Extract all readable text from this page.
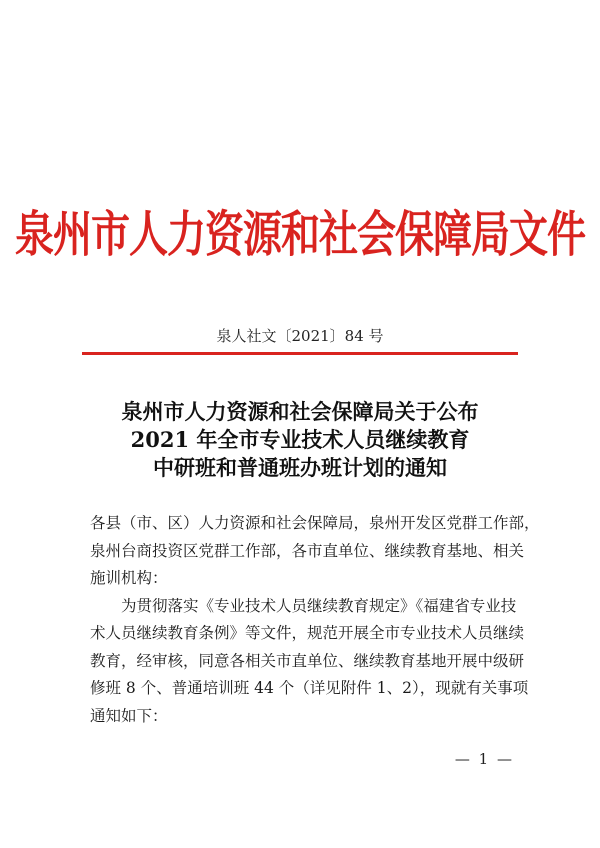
泉州市人力资源和社会保障局文件
泉人社文〔2021〕84 号
泉州市人力资源和社会保障局关于公布
2021 年全市专业技术人员继续教育
中研班和普通班办班计划的通知
各县（市、区）人力资源和社会保障局，泉州开发区党群工作部，
泉州台商投资区党群工作部，各市直单位、继续教育基地、相关
施训机构：
为贯彻落实《专业技术人员继续教育规定》《福建省专业技
术人员继续教育条例》等文件，规范开展全市专业技术人员继续
教育，经审核，同意各相关市直单位、继续教育基地开展中级研
修班 8 个、普通培训班 44 个（详见附件 1、2），现就有关事项
通知如下：
— 1 —
